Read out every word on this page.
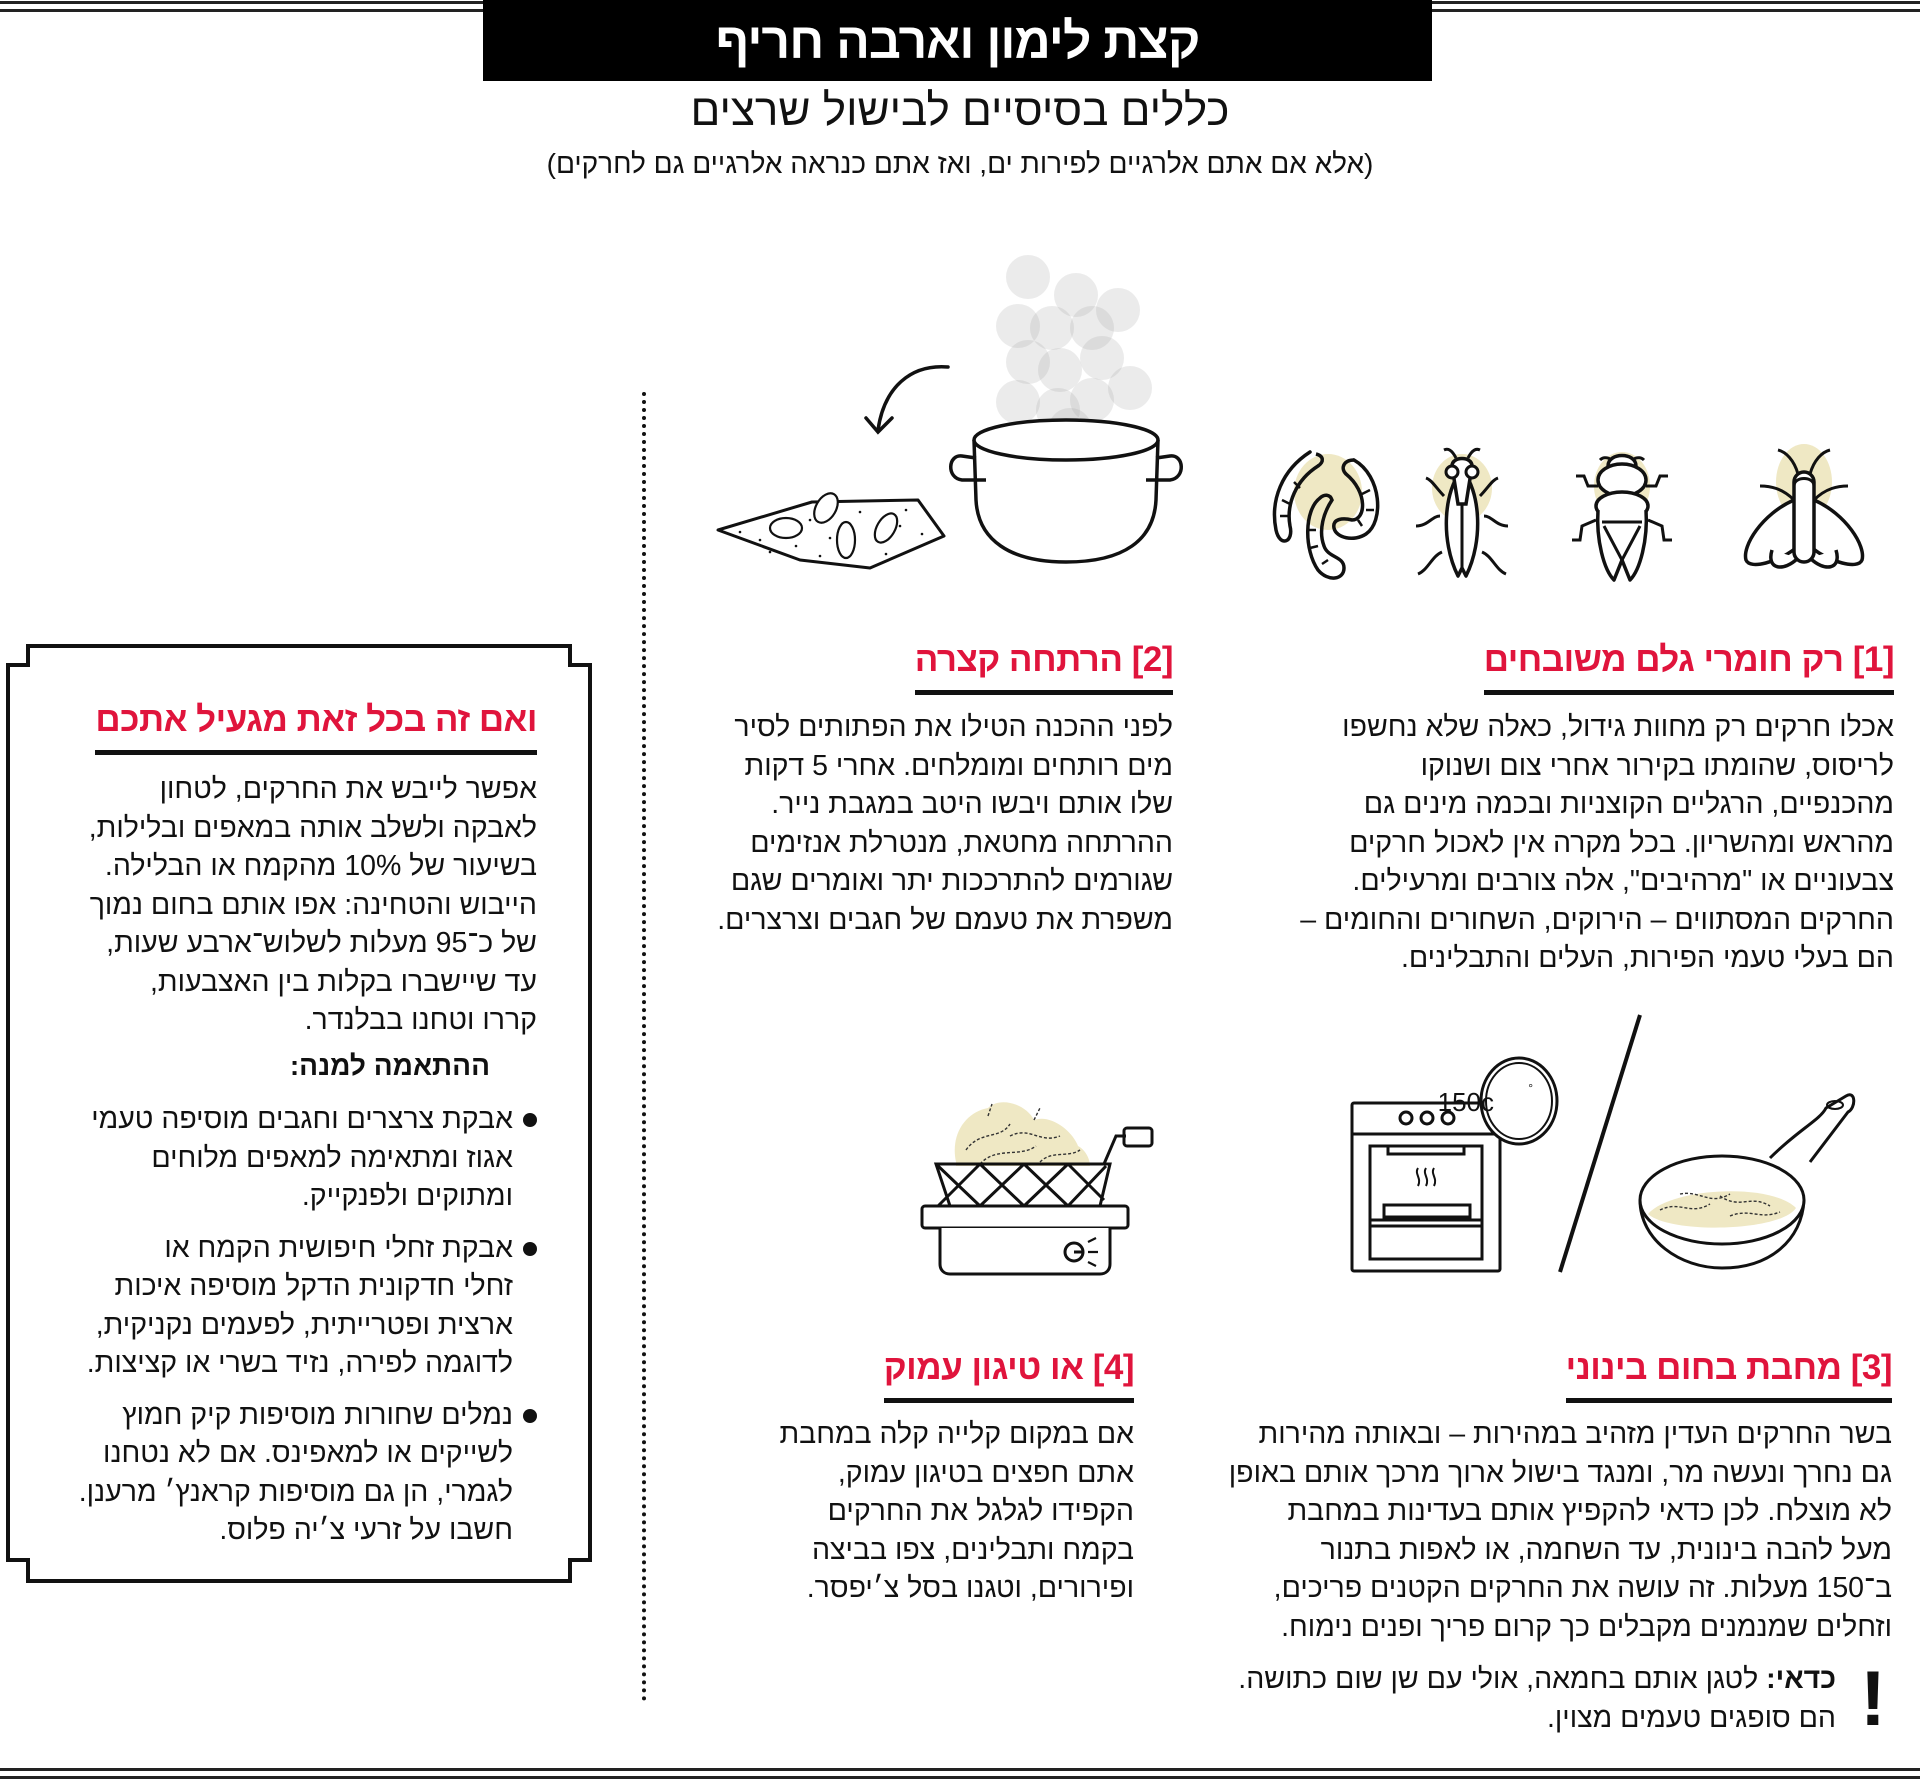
קצת לימון וארבה חריף
כללים בסיסיים לבישול שרצים
(אלא אם אתם אלרגיים לפירות ים, ואז אתם כנראה אלרגיים גם לחרקים)
150c	°
[1] רק חומרי גלם משובחים

אכלו חרקים רק מחוות גידול, כאלה שלא נחשפו

לריסוס, שהומתו בקירור אחרי צום ושנוקו

מהכנפיים, הרגליים הקוצניות ובכמה מינים גם

מהראש ומהשריון. בכל מקרה אין לאכול חרקים

צבעוניים או "מרהיבים", אלה צורבים ומרעילים.

החרקים המסתווים – הירוקים, השחורים והחומים –

הם בעלי טעמי הפירות, העלים והתבלינים.

[2] הרתחה קצרה

לפני ההכנה הטילו את הפתותים לסיר

מים רותחים ומומלחים. אחרי 5 דקות

שלו אותם ויבשו היטב במגבת נייר.

ההרתחה מחטאת, מנטרלת אנזימים

שגורמים להתרככות יתר ואומרים שגם

משפרת את טעמם של חגבים וצרצרים.

[3] מחבת בחום בינוני

בשר החרקים העדין מזהיב במהירות – ובאותה מהירות

גם נחרך ונעשה מר, ומנגד בישול ארוך מרכך אותם באופן

לא מוצלח. לכן כדאי להקפיץ אותם בעדינות במחבת

מעל להבה בינונית, עד השחמה, או לאפות בתנור

ב־150 מעלות. זה עושה את החרקים הקטנים פריכים,

וזחלים שמנמנים מקבלים כך קרום פריך ופנים נימוח.

!
כדאי: לטגן אותם בחמאה, אולי עם שן שום כתושה.
הם סופגים טעמים מצוין.
[4] או טיגון עמוק

אם במקום קלייה קלה במחבת

אתם חפצים בטיגון עמוק,

הקפידו לגלגל את החרקים

בקמח ותבלינים, צפו בביצה

ופירורים, וטגנו בסל צ׳יפסר.

ואם זה בכל זאת מגעיל אתכם

אפשר לייבש את החרקים, לטחון

לאבקה ולשלב אותה במאפים ובלילות,

בשיעור של 10% מהקמח או הבלילה.

הייבוש והטחינה: אפו אותם בחום נמוך

של כ־95 מעלות לשלוש־ארבע שעות,

עד שיישברו בקלות בין האצבעות,

קררו וטחנו בבלנדר.

ההתאמה למנה:
אבקת צרצרים וחגבים מוסיפה טעמי
אגוז ומתאימה למאפים מלוחים
ומתוקים ולפנקייק.
אבקת זחלי חיפושית הקמח או
זחלי חדקונית הדקל מוסיפה איכות
ארצית ופטרייתית, לפעמים נקניקית,
לדוגמה לפירה, נזיד בשרי או קציצות.
נמלים שחורות מוסיפות קיק חמוץ
לשייקים או למאפינס. אם לא נטחנו
לגמרי, הן גם מוסיפות קראנץ׳ מרענן.
חשבו על זרעי צ׳יה פלוס.
